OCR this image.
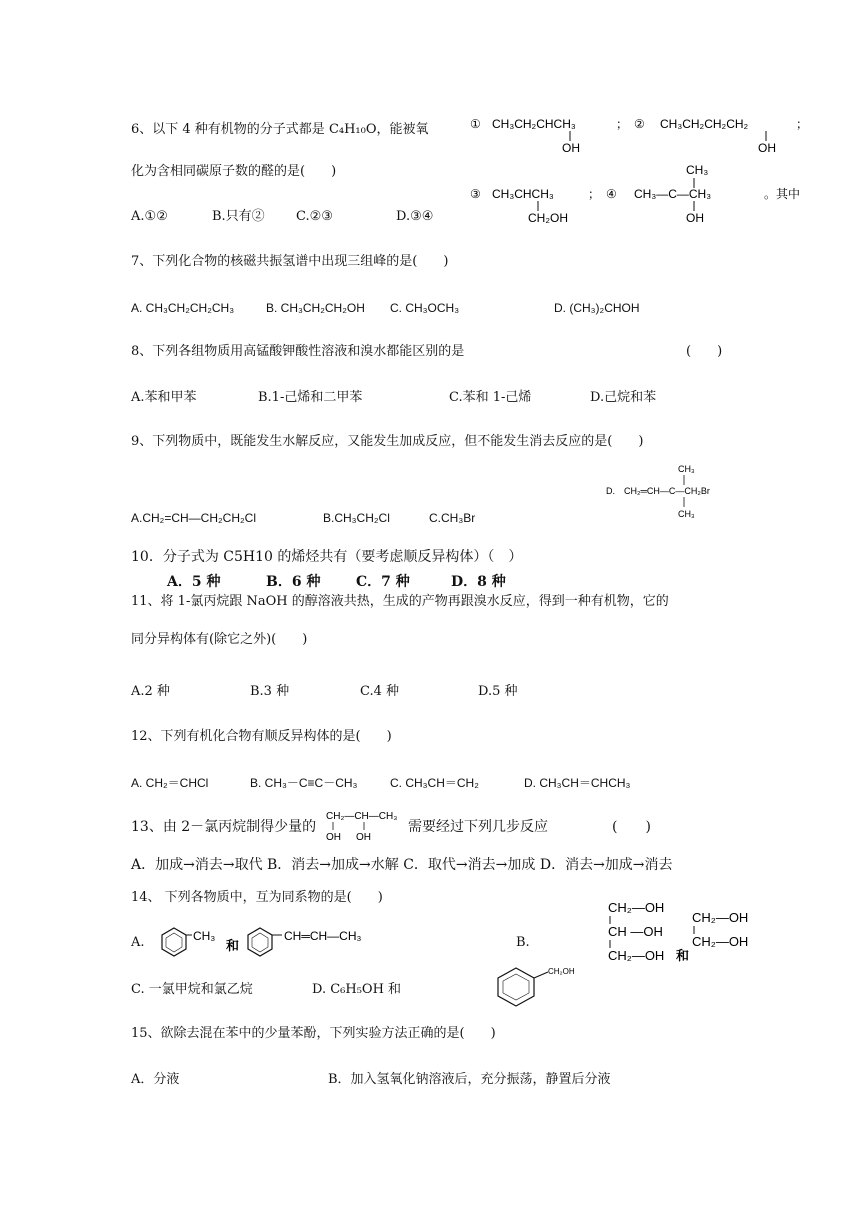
6、以下 4 种有机物的分子式都是 C₄H₁₀O，能被氧
化为含相同碳原子数的醛的是(　　)
A.①②	B.只有② C.②③	D.③④
① CH₃CH₂CHCH₃
OH
； ② CH₃CH₂CH₂CH₂
OH
；
③ CH₃CHCH₃
CH₂OH
； ④
CH₃
CH₃—C—CH₃
OH
。其中
7、下列化合物的核磁共振氢谱中出现三组峰的是(　　)
A. CH₃CH₂CH₂CH₃	B. CH₃CH₂CH₂OH C. CH₃OCH₃	D. (CH₃)₂CHOH
8、下列各组物质用高锰酸钾酸性溶液和溴水都能区别的是	(　　)
A.苯和甲苯	B.1-己烯和二甲苯	C.苯和 1-己烯	D.己烷和苯
9、下列物质中，既能发生水解反应，又能发生加成反应，但不能发生消去反应的是(　　)
A.CH₂=CH—CH₂CH₂Cl	B.CH₃CH₂Cl	C.CH₃Br
D.
CH₃
CH₂═CH—C—CH₂Br
CH₃
10．分子式为 C5H10 的烯烃共有（要考虑顺反异构体）（　）
A．5 种	B．6 种	C．7 种	D．8 种
11、将 1-氯丙烷跟 NaOH 的醇溶液共热，生成的产物再跟溴水反应，得到一种有机物，它的
同分异构体有(除它之外)(　　)
A.2 种	B.3 种	C.4 种	D.5 种
12、下列有机化合物有顺反异构体的是(　　)
A. CH₂＝CHCl	B. CH₃－C≡C－CH₃	C. CH₃CH＝CH₂	D. CH₃CH＝CHCH₃
13、由 2－氯丙烷制得少量的
CH₂—CH—CH₃
OH OH
需要经过下列几步反应	(　　)
A．加成→消去→取代 B．消去→加成→水解 C．取代→消去→加成 D．消去→加成→消去
14、 下列各物质中，互为同系物的是(　　)
A.	CH₃
和
CH═CH—CH₃	B.
CH₂—OH
CH —OH
CH₂—OH 和
CH₂—OH
CH₂—OH
C. 一氯甲烷和氯乙烷	D. C₆H₅OH 和
CH₂OH
15、欲除去混在苯中的少量苯酚，下列实验方法正确的是(　　)
A．分液	B．加入氢氧化钠溶液后，充分振荡，静置后分液
